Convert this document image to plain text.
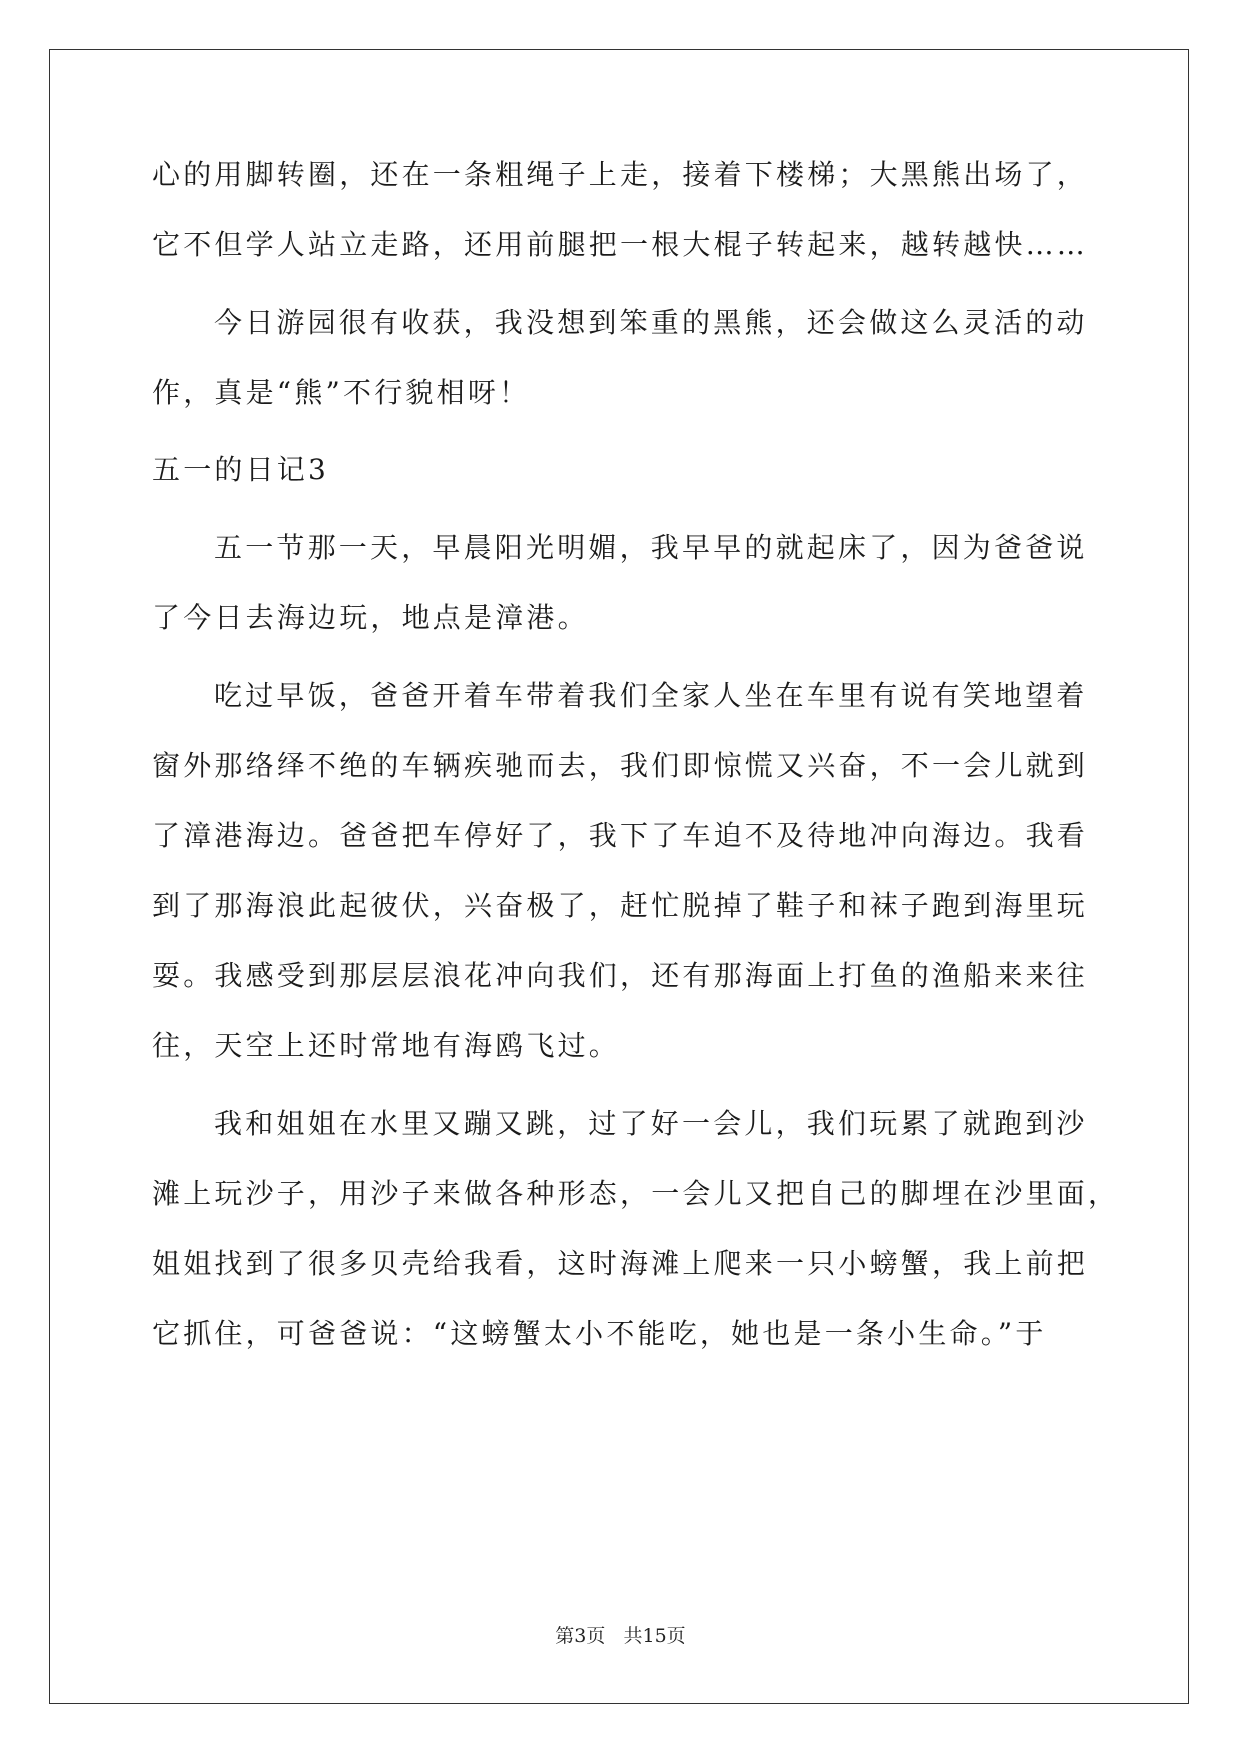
心的用脚转圈，还在一条粗绳子上走，接着下楼梯；大黑熊出场了，
它不但学人站立走路，还用前腿把一根大棍子转起来，越转越快……
今日游园很有收获，我没想到笨重的黑熊，还会做这么灵活的动
作，真是“熊”不行貌相呀！
五一的日记3
五一节那一天，早晨阳光明媚，我早早的就起床了，因为爸爸说
了今日去海边玩，地点是漳港。
吃过早饭，爸爸开着车带着我们全家人坐在车里有说有笑地望着
窗外那络绎不绝的车辆疾驰而去，我们即惊慌又兴奋，不一会儿就到
了漳港海边。爸爸把车停好了，我下了车迫不及待地冲向海边。我看
到了那海浪此起彼伏，兴奋极了，赶忙脱掉了鞋子和袜子跑到海里玩
耍。我感受到那层层浪花冲向我们，还有那海面上打鱼的渔船来来往
往，天空上还时常地有海鸥飞过。
我和姐姐在水里又蹦又跳，过了好一会儿，我们玩累了就跑到沙
滩上玩沙子，用沙子来做各种形态，一会儿又把自己的脚埋在沙里面，
姐姐找到了很多贝壳给我看，这时海滩上爬来一只小螃蟹，我上前把
它抓住，可爸爸说：“这螃蟹太小不能吃，她也是一条小生命。”于
第3页   共15页
